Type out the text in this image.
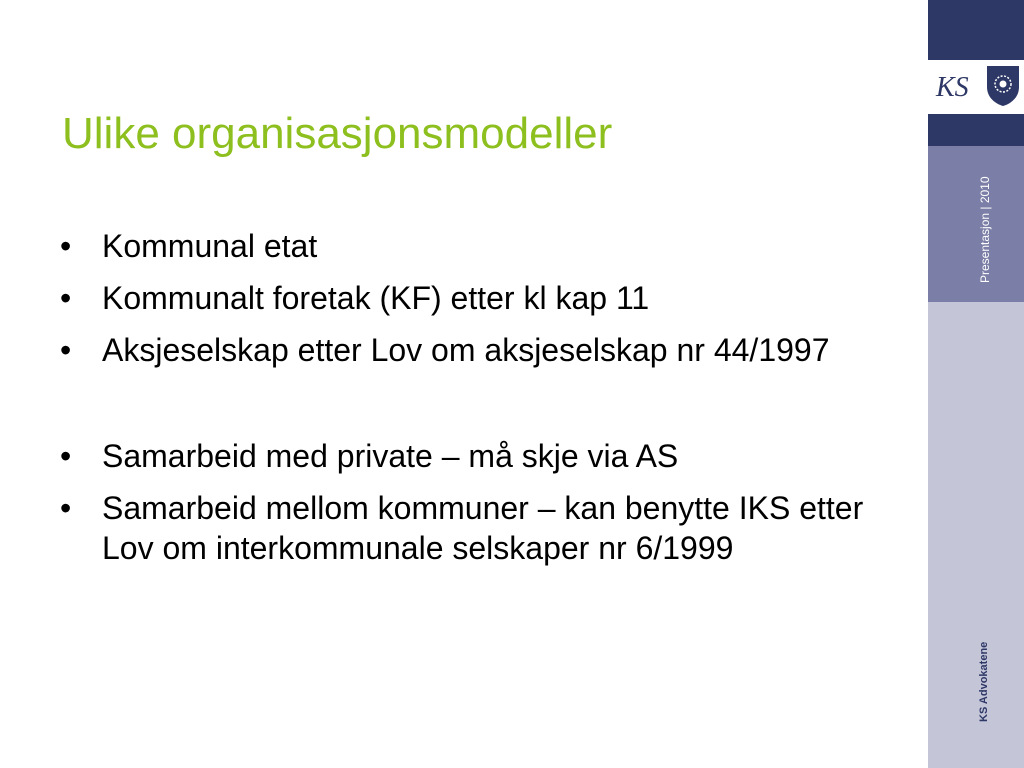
Ulike organisasjonsmodeller
• Kommunal etat
• Kommunalt foretak (KF) etter kl kap 11
• Aksjeselskap etter Lov om aksjeselskap nr 44/1997
• Samarbeid med private – må skje via AS
• Samarbeid mellom kommuner – kan benytte IKS etter Lov om interkommunale selskaper nr 6/1999
KS
Presentasjon | 2010
KS Advokatene
